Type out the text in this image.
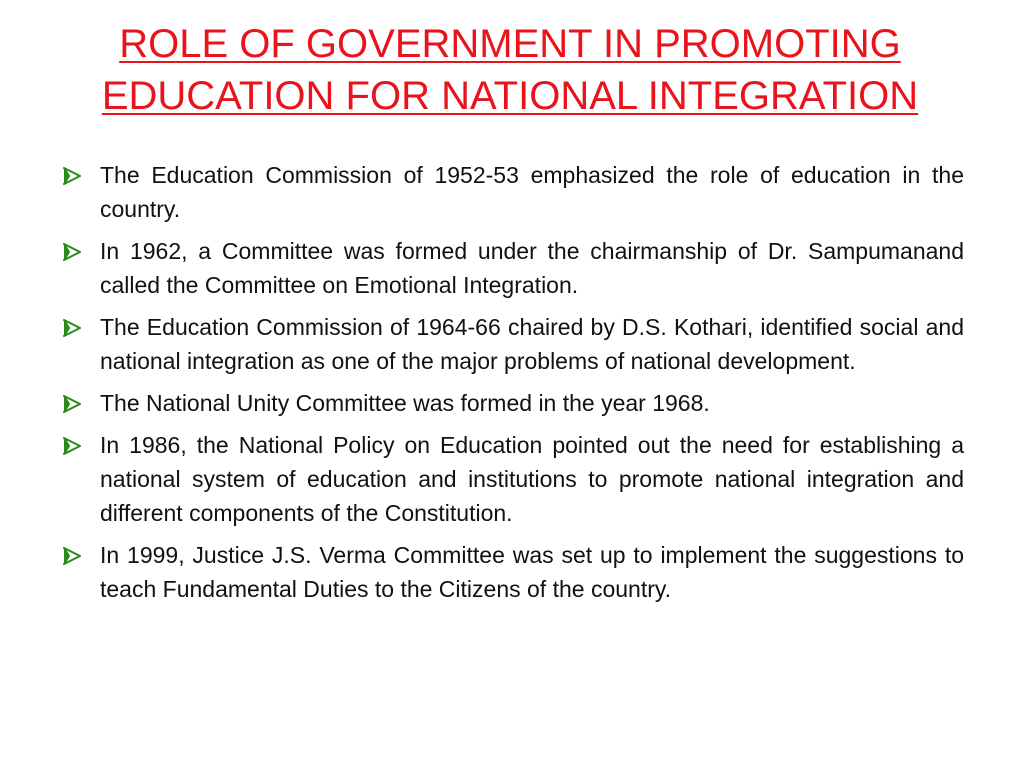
ROLE OF GOVERNMENT IN PROMOTING
EDUCATION FOR NATIONAL INTEGRATION
The Education Commission of 1952-53 emphasized the role of education in the country.
In 1962, a Committee was formed under the chairmanship of Dr. Sampumanand called the Committee on Emotional Integration.
The Education Commission of 1964-66 chaired by D.S. Kothari, identified social and national integration as one of the major problems of national development.
The National Unity Committee was formed in the year 1968.
In 1986, the National Policy on Education pointed out the need for establishing a national system of education and institutions to promote national integration and different components of the Constitution.
In 1999, Justice J.S. Verma Committee was set up to implement the suggestions to teach Fundamental Duties to the Citizens of the country.
